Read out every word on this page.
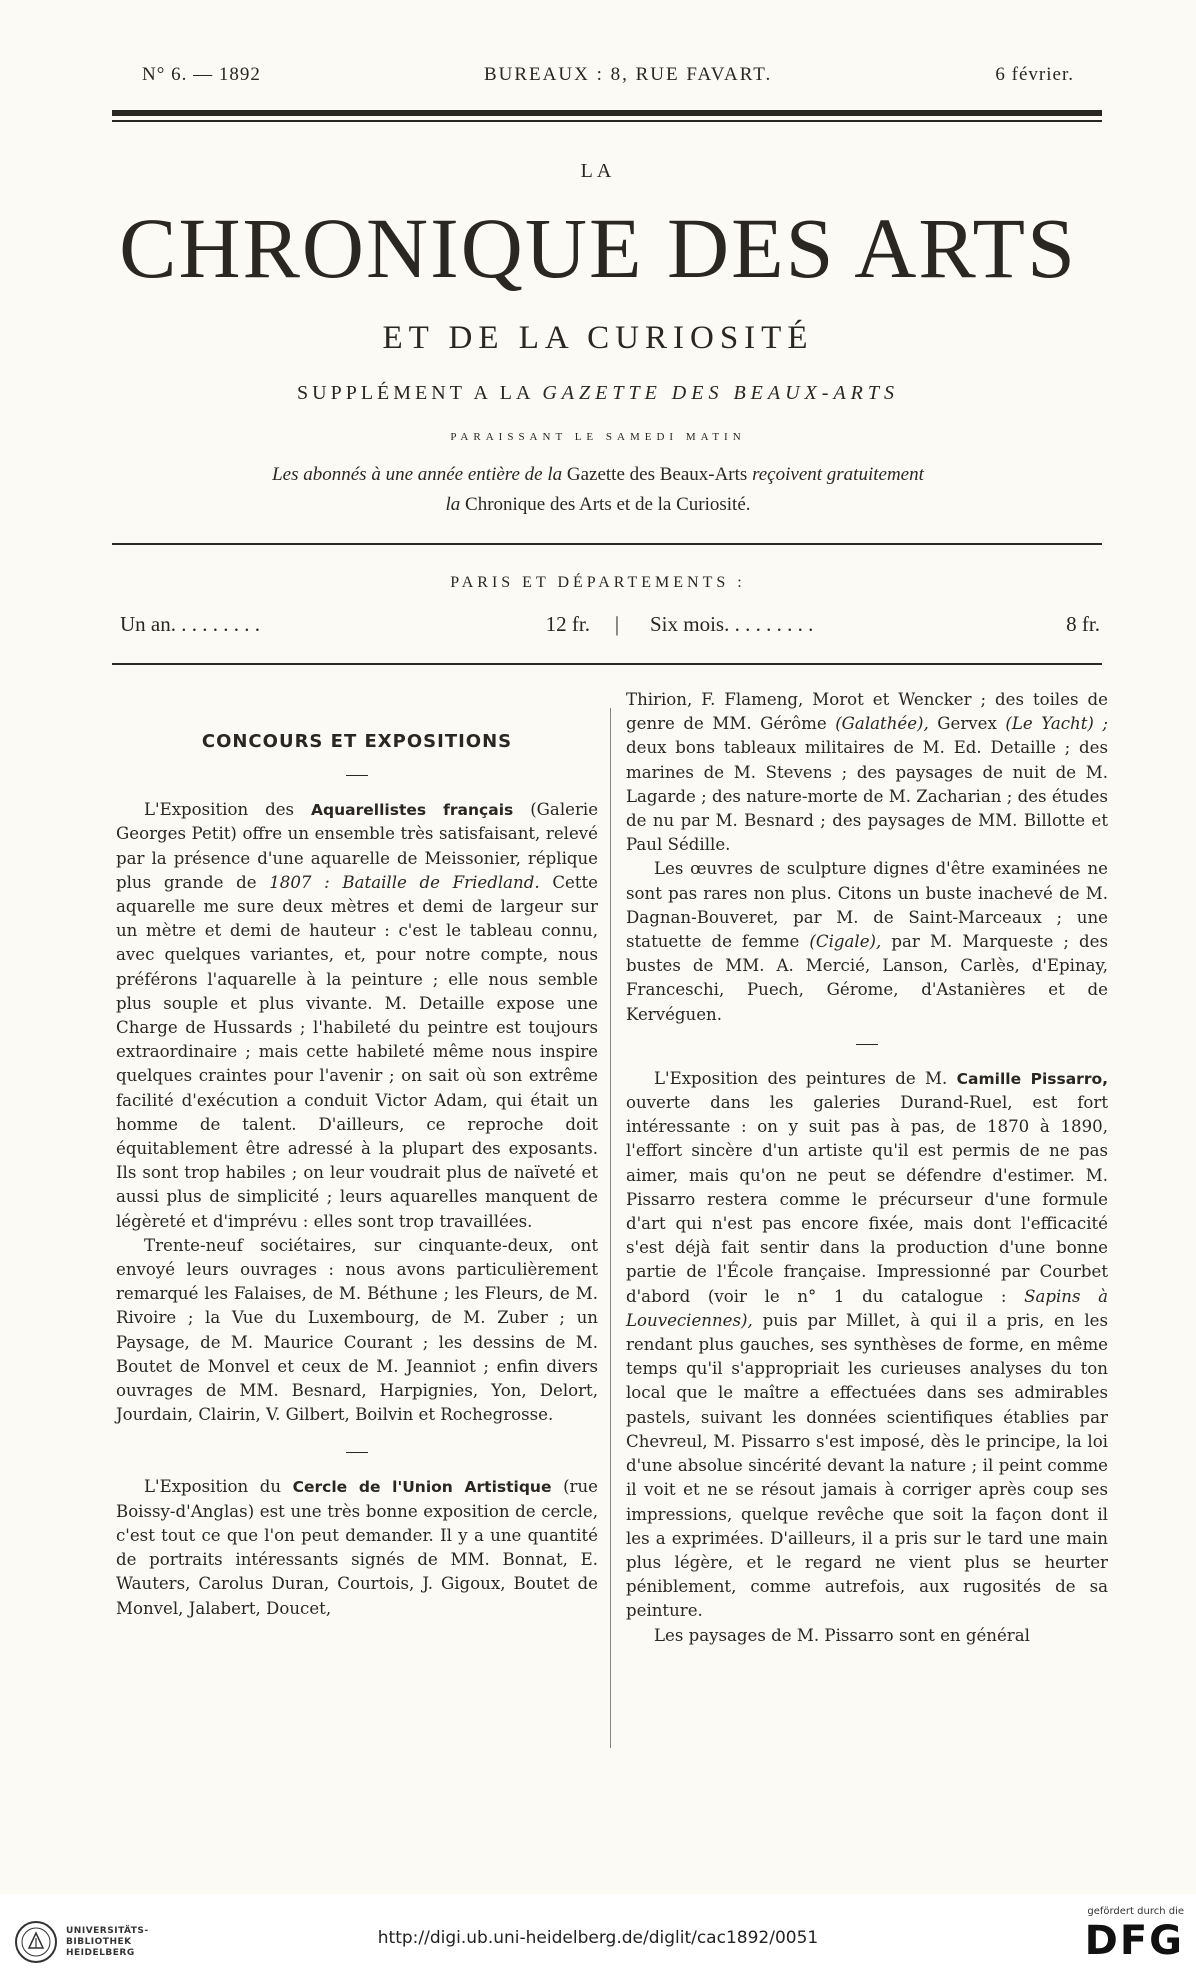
N° 6. — 1892	BUREAUX : 8, RUE FAVART.	6 février.
LA
CHRONIQUE DES ARTS
ET DE LA CURIOSITÉ
SUPPLÉMENT A LA GAZETTE DES BEAUX-ARTS
PARAISSANT LE SAMEDI MATIN
Les abonnés à une année entière de la Gazette des Beaux-Arts reçoivent gratuitement
la Chronique des Arts et de la Curiosité.
PARIS ET DÉPARTEMENTS :
Un an. . . . . . . . .	12 fr. | Six mois. . . . . . . . .	8 fr.
CONCOURS ET EXPOSITIONS

L'Exposition des Aquarellistes français (Galerie Georges Petit) offre un ensemble très satisfaisant, relevé par la présence d'une aquarelle de Meissonier, réplique plus grande de 1807 : Bataille de Friedland. Cette aquarelle me sure deux mètres et demi de largeur sur un mètre et demi de hauteur : c'est le tableau connu, avec quelques variantes, et, pour notre compte, nous préférons l'aquarelle à la peinture ; elle nous semble plus souple et plus vivante. M. Detaille expose une Charge de Hussards ; l'habileté du peintre est toujours extraordinaire ; mais cette habileté même nous inspire quelques craintes pour l'avenir ; on sait où son extrême facilité d'exécution a conduit Victor Adam, qui était un homme de talent. D'ailleurs, ce reproche doit équitablement être adressé à la plupart des exposants. Ils sont trop habiles ; on leur voudrait plus de naïveté et aussi plus de simplicité ; leurs aquarelles manquent de légèreté et d'imprévu : elles sont trop travaillées.

Trente-neuf sociétaires, sur cinquante-deux, ont envoyé leurs ouvrages : nous avons particulièrement remarqué les Falaises, de M. Béthune ; les Fleurs, de M. Rivoire ; la Vue du Luxembourg, de M. Zuber ; un Paysage, de M. Maurice Courant ; les dessins de M. Boutet de Monvel et ceux de M. Jeanniot ; enfin divers ouvrages de MM. Besnard, Harpignies, Yon, Delort, Jourdain, Clairin, V. Gilbert, Boilvin et Rochegrosse.

L'Exposition du Cercle de l'Union Artistique (rue Boissy-d'Anglas) est une très bonne exposition de cercle, c'est tout ce que l'on peut demander. Il y a une quantité de portraits intéressants signés de MM. Bonnat, E. Wauters, Carolus Duran, Courtois, J. Gigoux, Boutet de Monvel, Jalabert, Doucet,

Thirion, F. Flameng, Morot et Wencker ; des toiles de genre de MM. Gérôme (Galathée), Gervex (Le Yacht) ; deux bons tableaux militaires de M. Ed. Detaille ; des marines de M. Stevens ; des paysages de nuit de M. Lagarde ; des nature-morte de M. Zacharian ; des études de nu par M. Besnard ; des paysages de MM. Billotte et Paul Sédille.

Les œuvres de sculpture dignes d'être examinées ne sont pas rares non plus. Citons un buste inachevé de M. Dagnan-Bouveret, par M. de Saint-Marceaux ; une statuette de femme (Cigale), par M. Marqueste ; des bustes de MM. A. Mercié, Lanson, Carlès, d'Epinay, Franceschi, Puech, Gérome, d'Astanières et de Kervéguen.

L'Exposition des peintures de M. Camille Pissarro, ouverte dans les galeries Durand-Ruel, est fort intéressante : on y suit pas à pas, de 1870 à 1890, l'effort sincère d'un artiste qu'il est permis de ne pas aimer, mais qu'on ne peut se défendre d'estimer. M. Pissarro restera comme le précurseur d'une formule d'art qui n'est pas encore fixée, mais dont l'efficacité s'est déjà fait sentir dans la production d'une bonne partie de l'École française. Impressionné par Courbet d'abord (voir le n° 1 du catalogue : Sapins à Louveciennes), puis par Millet, à qui il a pris, en les rendant plus gauches, ses synthèses de forme, en même temps qu'il s'appropriait les curieuses analyses du ton local que le maître a effectuées dans ses admirables pastels, suivant les données scientifiques établies par Chevreul, M. Pissarro s'est imposé, dès le principe, la loi d'une absolue sincérité devant la nature ; il peint comme il voit et ne se résout jamais à corriger après coup ses impressions, quelque revêche que soit la façon dont il les a exprimées. D'ailleurs, il a pris sur le tard une main plus légère, et le regard ne vient plus se heurter péniblement, comme autrefois, aux rugosités de sa peinture.

Les paysages de M. Pissarro sont en général

UNIVERSITÄTS-
BIBLIOTHEK
HEIDELBERG
http://digi.ub.uni-heidelberg.de/diglit/cac1892/0051
gefördert durch die
DFG
